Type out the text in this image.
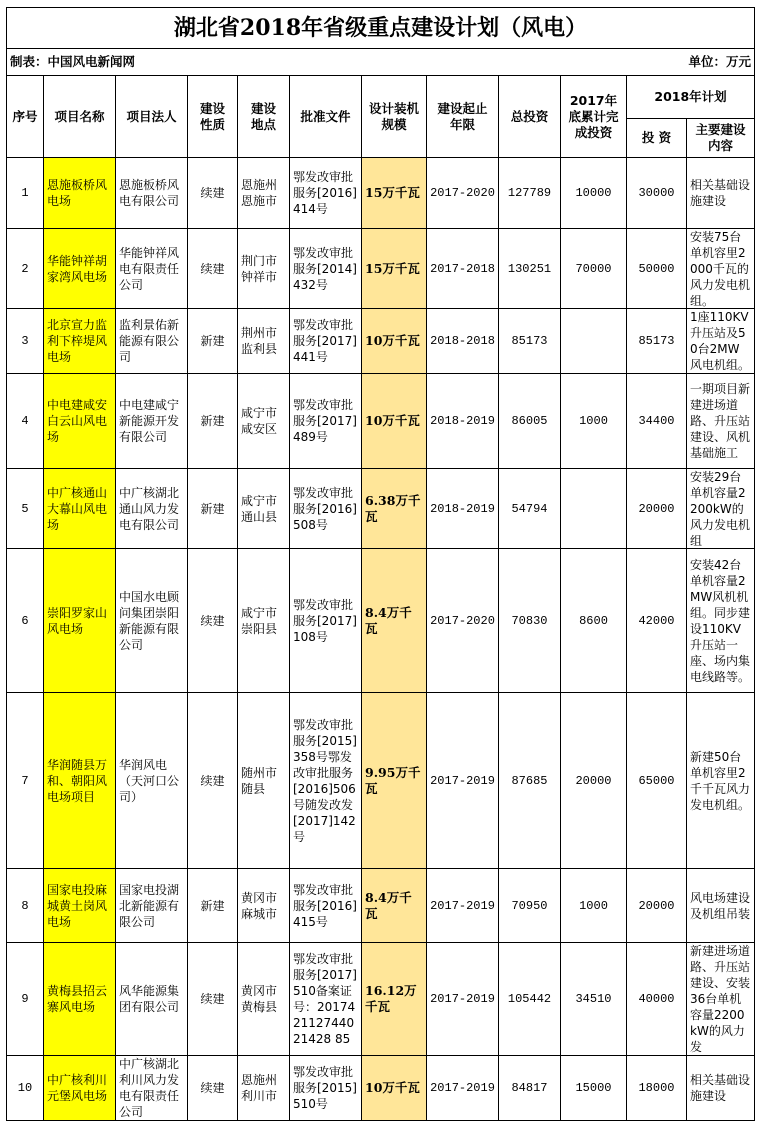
湖北省2018年省级重点建设计划（风电）											

制表：中国风电新闻网 单位：万元											

序号	项目名称	项目法人	建设性质	建设地点	批准文件	设计装机规模	建设起止年限	总投资	2017年底累计完成投资	2018年计划	

投 资	主要建设内容

1	恩施板桥风电场	恩施板桥风电有限公司	续建	恩施州恩施市	鄂发改审批服务[2016]414号	15万千瓦	2017-2020	127789	10000	30000	相关基础设施建设

2	华能钟祥胡家湾风电场	华能钟祥风电有限责任公司	续建	荆门市钟祥市	鄂发改审批服务[2014]432号	15万千瓦	2017-2018	130251	70000	50000	安装75台单机容里2000千瓦的风力发电机组。

3	北京宣力监利下梓堤风电场	监利景佑新能源有限公司	新建	荆州市监利县	鄂发改审批服务[2017]441号	10万千瓦	2018-2018	85173		85173	1座110KV升压站及50台2MW风电机组。

4	中电建咸安白云山风电场	中电建咸宁新能源开发有限公司	新建	咸宁市咸安区	鄂发改审批服务[2017]489号	10万千瓦	2018-2019	86005	1000	34400	一期项目新建进场道路、升压站建设、风机基础施工

5	中广核通山大幕山风电场	中广核湖北通山风力发电有限公司	新建	咸宁市通山县	鄂发改审批服务[2016]508号	6.38万千瓦	2018-2019	54794		20000	安装29台单机容量2200kW的风力发电机组

6	崇阳罗家山风电场	中国水电顾问集团崇阳新能源有限公司	续建	咸宁市崇阳县	鄂发改审批服务[2017]108号	8.4万千瓦	2017-2020	70830	8600	42000	安装42台单机容量2MW风机机组。同步建设110KV升压站一座、场内集电线路等。

7	华润随县万和、朝阳风电场项目	华润风电（天河口公司）	续建	随州市随县	鄂发改审批服务[2015]358号鄂发改审批服务[2016]506号随发改发[2017]142号	9.95万千瓦	2017-2019	87685	20000	65000	新建50台单机容里2千千瓦风力发电机组。

8	国家电投麻城黄土岗风电场	国家电投湖北新能源有限公司	新建	黄冈市麻城市	鄂发改审批服务[2016]415号	8.4万千瓦	2017-2019	70950	1000	20000	风电场建设及机组吊装

9	黄梅县招云寨风电场	风华能源集团有限公司	续建	黄冈市黄梅县	鄂发改审批服务[2017]510备案证号：201742112744021428 85	16.12万千瓦	2017-2019	105442	34510	40000	新建进场道路、升压站建设、安装36台单机容量2200kW的风力发

10	中广核利川元堡风电场	中广核湖北利川风力发电有限责任公司	续建	恩施州利川市	鄂发改审批服务[2015]510号	10万千瓦	2017-2019	84817	15000	18000	相关基础设施建设
